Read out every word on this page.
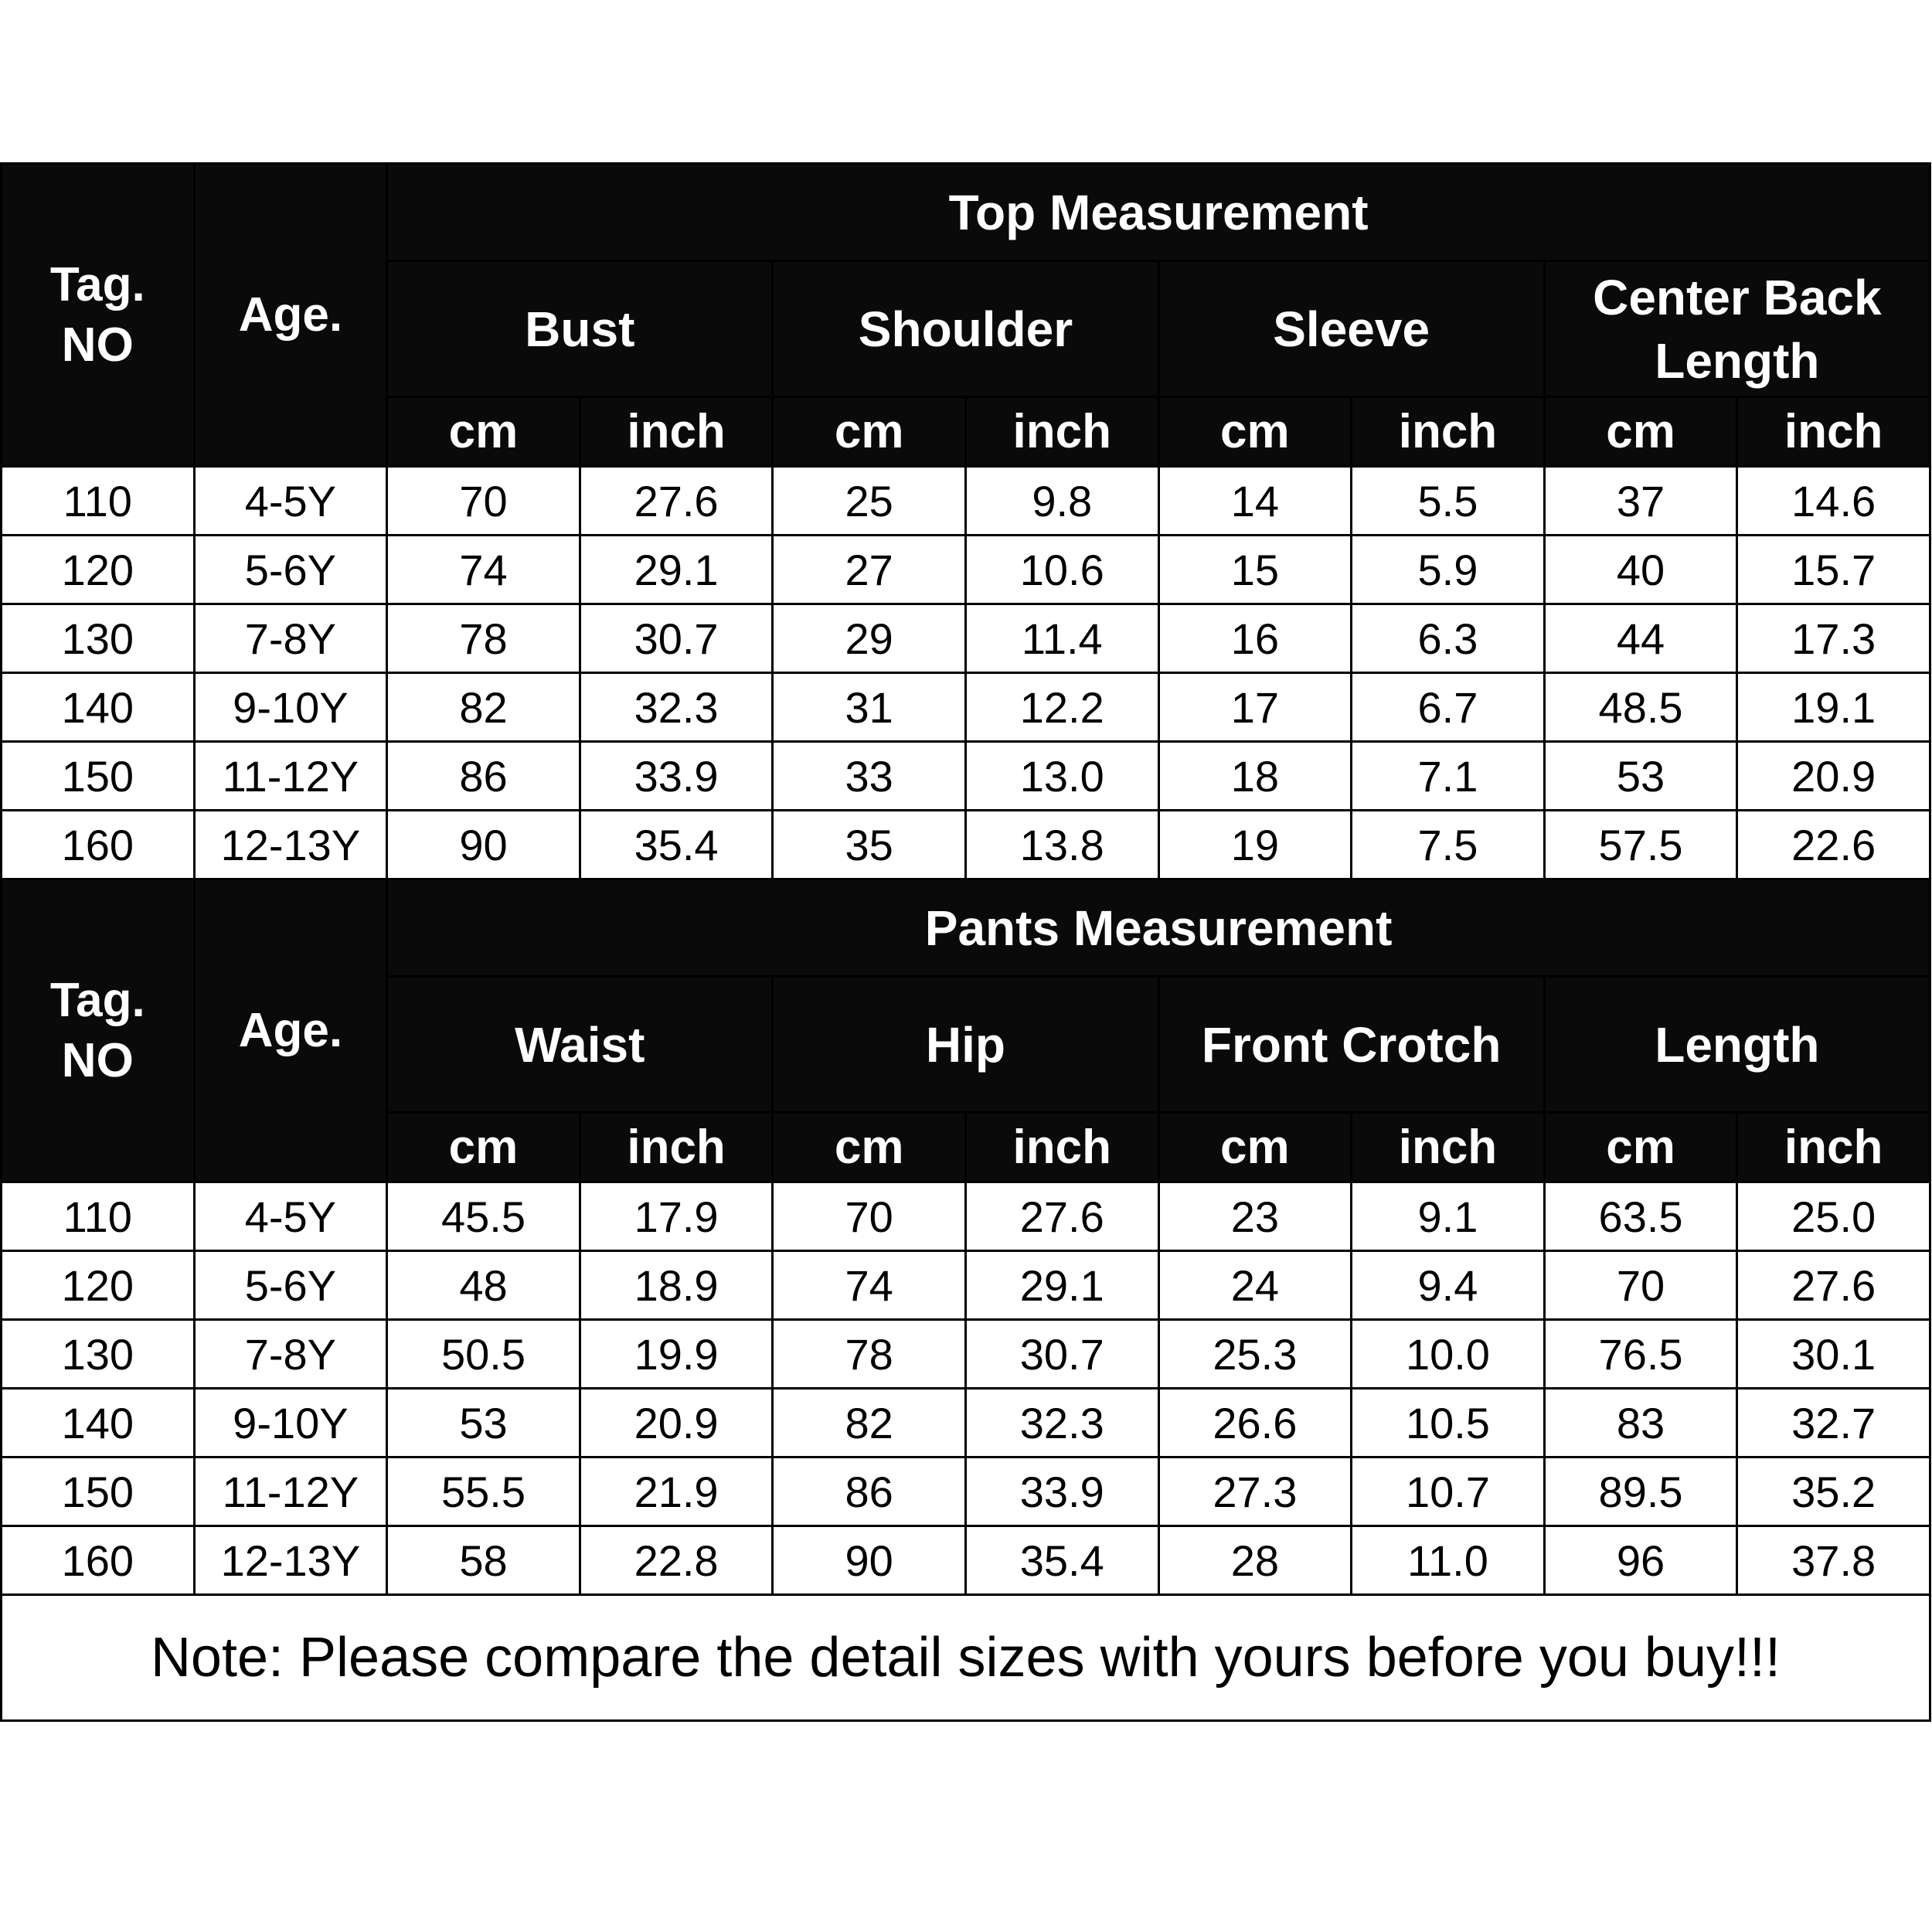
Tag.
NO	Age.	Top Measurement							
		Bust		Shoulder		Sleeve		Center Back
Length	
		cm	inch	cm	inch	cm	inch	cm	inch
110	4-5Y	70	27.6	25	9.8	14	5.5	37	14.6
120	5-6Y	74	29.1	27	10.6	15	5.9	40	15.7
130	7-8Y	78	30.7	29	11.4	16	6.3	44	17.3
140	9-10Y	82	32.3	31	12.2	17	6.7	48.5	19.1
150	11-12Y	86	33.9	33	13.0	18	7.1	53	20.9
160	12-13Y	90	35.4	35	13.8	19	7.5	57.5	22.6
Tag.
NO	Age.	Pants Measurement							
		Waist		Hip		Front Crotch		Length	
		cm	inch	cm	inch	cm	inch	cm	inch
110	4-5Y	45.5	17.9	70	27.6	23	9.1	63.5	25.0
120	5-6Y	48	18.9	74	29.1	24	9.4	70	27.6
130	7-8Y	50.5	19.9	78	30.7	25.3	10.0	76.5	30.1
140	9-10Y	53	20.9	82	32.3	26.6	10.5	83	32.7
150	11-12Y	55.5	21.9	86	33.9	27.3	10.7	89.5	35.2
160	12-13Y	58	22.8	90	35.4	28	11.0	96	37.8
Note: Please compare the detail sizes with yours before you buy!!!									
